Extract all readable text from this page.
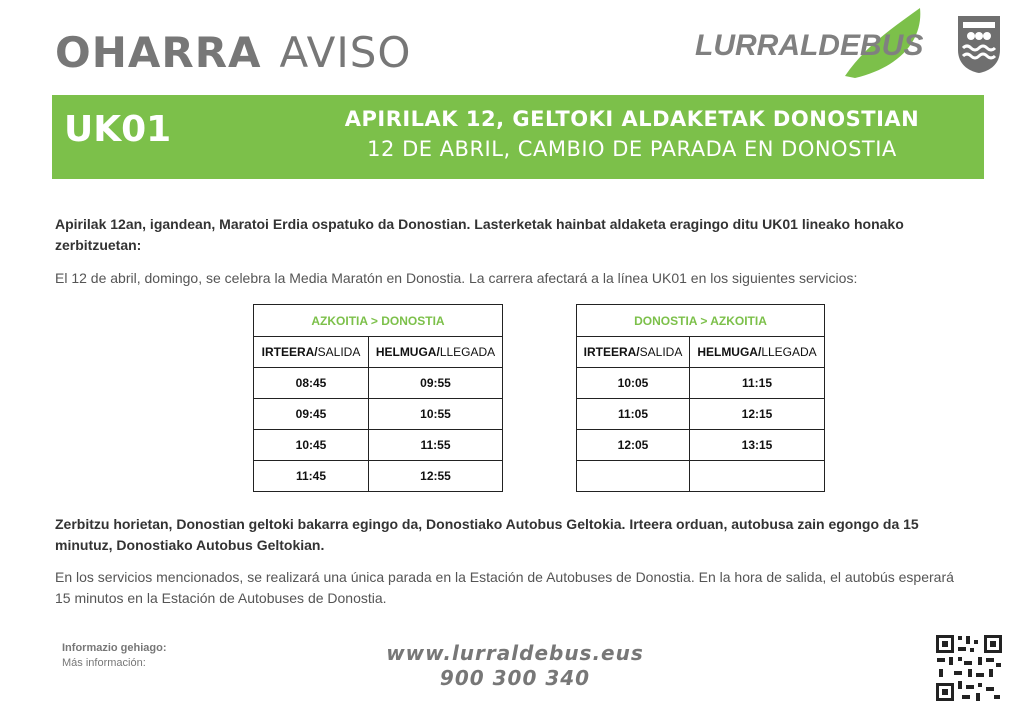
OHARRA AVISO	LURRALDEBUS
UK01	APIRILAK 12, GELTOKI ALDAKETAK DONOSTIAN
12 DE ABRIL, CAMBIO DE PARADA EN DONOSTIA
Apirilak 12an, igandean, Maratoi Erdia ospatuko da Donostian. Lasterketak hainbat aldaketa eragingo ditu UK01 lineako honako zerbitzuetan:
El 12 de abril, domingo, se celebra la Media Maratón en Donostia. La carrera afectará a la línea UK01 en los siguientes servicios:
AZKOITIA > DONOSTIA	
IRTEERA/SALIDA	HELMUGA/LLEGADA
08:45	09:55
09:45	10:55
10:45	11:55
11:45	12:55
DONOSTIA > AZKOITIA	
IRTEERA/SALIDA	HELMUGA/LLEGADA
10:05	11:15
11:05	12:15
12:05	13:15

Zerbitzu horietan, Donostian geltoki bakarra egingo da, Donostiako Autobus Geltokia. Irteera orduan, autobusa zain egongo da 15 minutuz, Donostiako Autobus Geltokian.
En los servicios mencionados, se realizará una única parada en la Estación de Autobuses de Donostia. En la hora de salida, el autobús esperará 15 minutos en la Estación de Autobuses de Donostia.
Informazio gehiago:
Más información:	www.lurraldebus.eus
900 300 340
